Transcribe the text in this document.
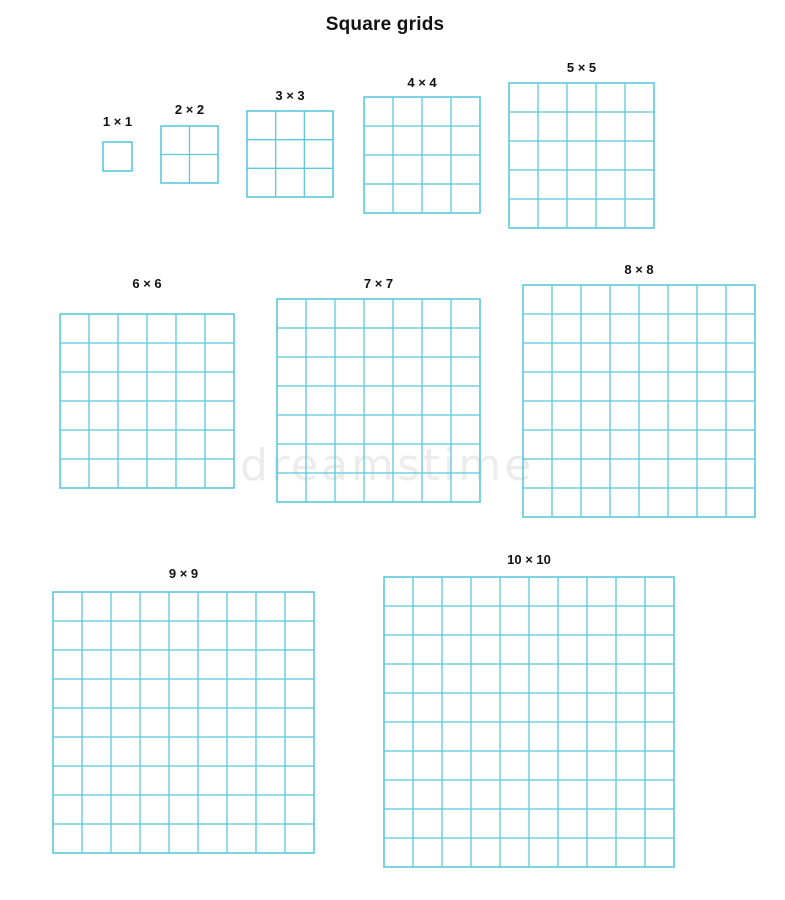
Square grids
dreamstime
1 × 1
2 × 2
3 × 3
4 × 4
5 × 5
6 × 6	7 × 7
8 × 8
9 × 9
10 × 10
